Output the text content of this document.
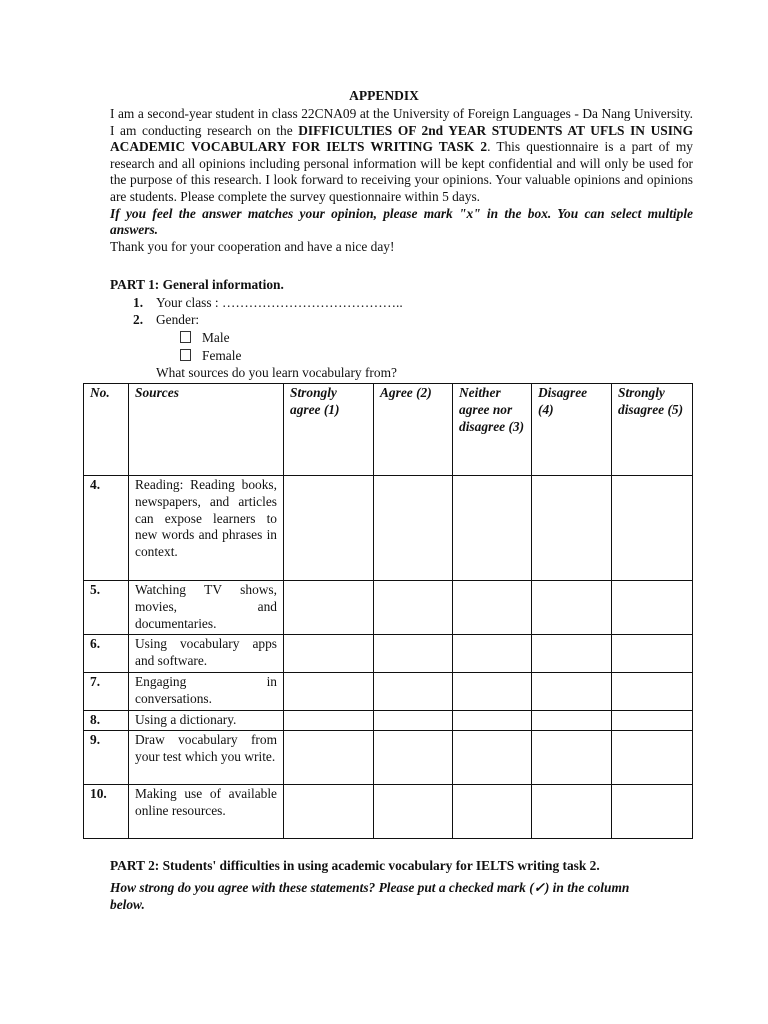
APPENDIX

I am a second-year student in class 22CNA09 at the University of Foreign Languages - Da Nang University. I am conducting research on the DIFFICULTIES OF 2nd YEAR STUDENTS AT UFLS IN USING ACADEMIC VOCABULARY FOR IELTS WRITING TASK 2. This questionnaire is a part of my research and all opinions including personal information will be kept confidential and will only be used for the purpose of this research. I look forward to receiving your opinions. Your valuable opinions and opinions are students. Please complete the survey questionnaire within 5 days.

If you feel the answer matches your opinion, please mark "x" in the box. You can select multiple answers.

Thank you for your cooperation and have a nice day!

PART 1: General information.
1. Your class : …………………………………..
2. Gender:
Male
Female
What sources do you learn vocabulary from?
No.	Sources	Strongly agree (1)	Agree (2)	Neither agree nor disagree (3)	Disagree (4)	Strongly disagree (5)
4.	Reading: Reading books, newspapers, and articles can expose learners to new words and phrases in context.					
5.	Watching TV shows, movies, and documentaries.					
6.	Using vocabulary apps and software.					
7.	Engaging in conversations.					
8.	Using a dictionary.					
9.	Draw vocabulary from your test which you write.					
10.	Making use of available online resources.					
PART 2: Students' difficulties in using academic vocabulary for IELTS writing task 2.
How strong do you agree with these statements? Please put a checked mark (✓) in the column below.
